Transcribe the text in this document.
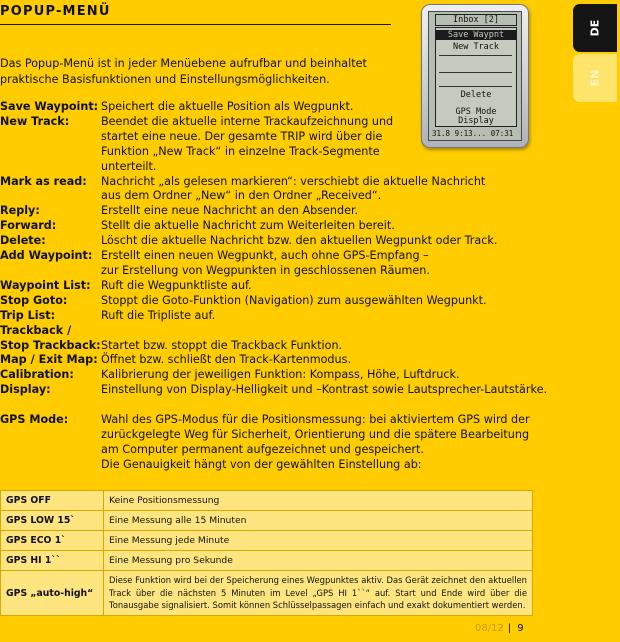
POPUP-MENÜ
Das Popup-Menü ist in jeder Menüebene aufrufbar und beinhaltet praktische Basisfunktionen und Einstellungsmöglichkeiten.
Inbox [2]
Save Waypnt
New Track
Delete
GPS Mode
Display
31.8 9:13... 07:31
DE
EN
Save Waypoint: Speichert die aktuelle Position als Wegpunkt.
New Track:	Beendet die aktuelle interne Trackaufzeichnung und
startet eine neue. Der gesamte TRIP wird über die
Funktion „New Track“ in einzelne Track-Segmente
unterteilt.
Mark as read: Nachricht „als gelesen markieren“: verschiebt die aktuelle Nachricht
aus dem Ordner „New“ in den Ordner „Received“.
Reply:	Erstellt eine neue Nachricht an den Absender.
Forward:	Stellt die aktuelle Nachricht zum Weiterleiten bereit.
Delete:	Löscht die aktuelle Nachricht bzw. den aktuellen Wegpunkt oder Track.
Add Waypoint: Erstellt einen neuen Wegpunkt, auch ohne GPS-Empfang –
zur Erstellung von Wegpunkten in geschlossenen Räumen.
Waypoint List: Ruft die Wegpunktliste auf.
Stop Goto:	Stoppt die Goto-Funktion (Navigation) zum ausgewählten Wegpunkt.
Trip List:	Ruft die Tripliste auf.
Trackback /

Stop Trackback: Startet bzw. stoppt die Trackback Funktion.
Map / Exit Map: Öffnet bzw. schließt den Track-Kartenmodus.
Calibration: Kalibrierung der jeweiligen Funktion: Kompass, Höhe, Luftdruck.
Display:	Einstellung von Display-Helligkeit und –Kontrast sowie Lautsprecher-Lautstärke.
GPS Mode:	Wahl des GPS-Modus für die Positionsmessung: bei aktiviertem GPS wird der
zurückgelegte Weg für Sicherheit, Orientierung und die spätere Bearbeitung
am Computer permanent aufgezeichnet und gespeichert.
Die Genauigkeit hängt von der gewählten Einstellung ab:
GPS OFF	Keine Positionsmessung
GPS LOW 15`	Eine Messung alle 15 Minuten
GPS ECO 1`	Eine Messung jede Minute
GPS HI 1``	Eine Messung pro Sekunde
GPS „auto-high“	Diese Funktion wird bei der Speicherung eines Wegpunktes aktiv. Das Gerät zeichnet den aktuellen Track über die nächsten 5 Minuten im Level „GPS HI 1``“ auf. Start und Ende wird über die Tonausgabe signalisiert. Somit können Schlüsselpassagen einfach und exakt dokumentiert werden.
08/12 | 9
